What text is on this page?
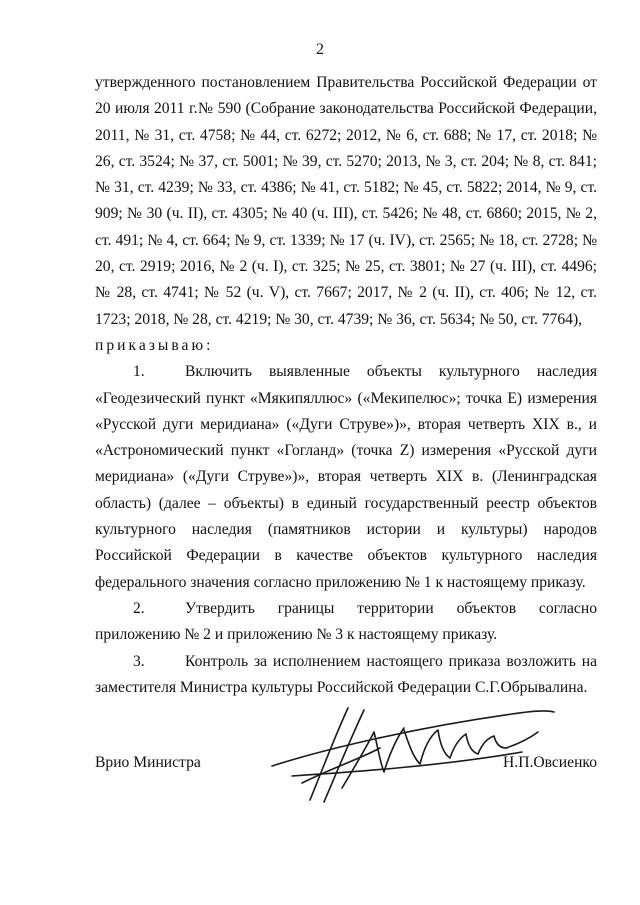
2

утвержденного постановлением Правительства Российской Федерации от 20 июля 2011 г.№ 590 (Собрание законодательства Российской Федерации, 2011, № 31, ст. 4758; № 44, ст. 6272; 2012, № 6, ст. 688; № 17, ст. 2018; № 26, ст. 3524; № 37, ст. 5001; № 39, ст. 5270; 2013, № 3, ст. 204; № 8, ст. 841; № 31, ст. 4239; № 33, ст. 4386; № 41, ст. 5182; № 45, ст. 5822; 2014, № 9, ст. 909; № 30 (ч. II), ст. 4305; № 40 (ч. III), ст. 5426; № 48, ст. 6860; 2015, № 2, ст. 491; № 4, ст. 664; № 9, ст. 1339; № 17 (ч. IV), ст. 2565; № 18, ст. 2728; № 20, ст. 2919; 2016, № 2 (ч. I), ст. 325; № 25, ст. 3801; № 27 (ч. III), ст. 4496; № 28, ст. 4741; № 52 (ч. V), ст. 7667; 2017, № 2 (ч. II), ст. 406; № 12, ст. 1723; 2018, № 28, ст. 4219; № 30, ст. 4739; № 36, ст. 5634; № 50, ст. 7764),

приказываю:

1.	Включить выявленные объекты культурного наследия «Геодезический пункт «Мякипяллюс» («Мекипелюс»; точка Е) измерения «Русской дуги меридиана» («Дуги Струве»)», вторая четверть XIX в., и «Астрономический пункт «Гогланд» (точка Z) измерения «Русской дуги меридиана» («Дуги Струве»)», вторая четверть XIX в. (Ленинградская область) (далее – объекты) в единый государственный реестр объектов культурного наследия (памятников истории и культуры) народов Российской Федерации в качестве объектов культурного наследия федерального значения согласно приложению № 1 к настоящему приказу.

2.	Утвердить границы территории объектов согласно приложению № 2 и приложению № 3 к настоящему приказу.

3.	Контроль за исполнением настоящего приказа возложить на заместителя Министра культуры Российской Федерации С.Г.Обрывалина.

Врио Министра	Н.П.Овсиенко
